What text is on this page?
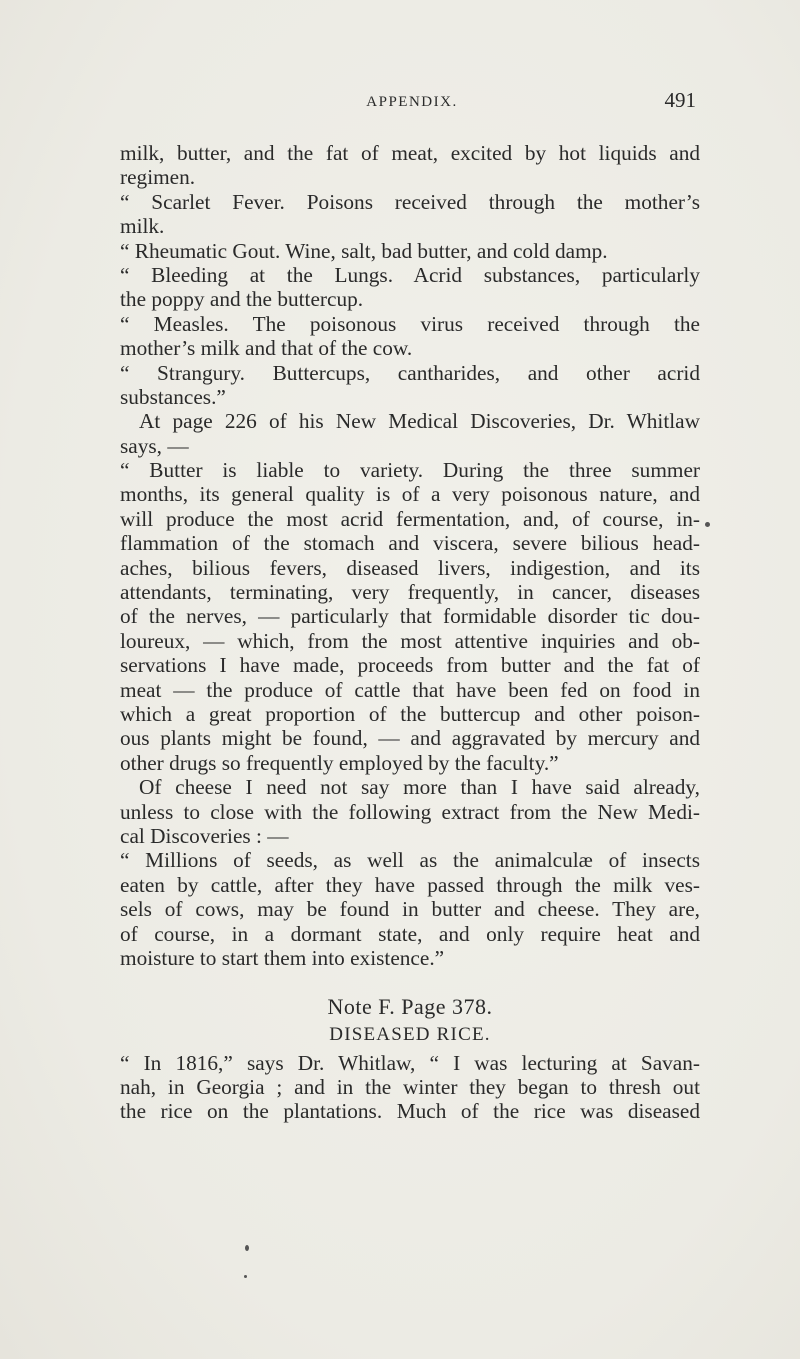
APPENDIX.	491
milk, butter, and the fat of meat, excited by hot liquids and
regimen.
“ Scarlet Fever. Poisons received through the mother’s
milk.
“ Rheumatic Gout. Wine, salt, bad butter, and cold damp.
“ Bleeding at the Lungs. Acrid substances, particularly
the poppy and the buttercup.
“ Measles. The poisonous virus received through the
mother’s milk and that of the cow.
“ Strangury. Buttercups, cantharides, and other acrid
substances.”
At page 226 of his New Medical Discoveries, Dr. Whitlaw
says, —
“ Butter is liable to variety. During the three summer
months, its general quality is of a very poisonous nature, and
will produce the most acrid fermentation, and, of course, in-
flammation of the stomach and viscera, severe bilious head-
aches, bilious fevers, diseased livers, indigestion, and its
attendants, terminating, very frequently, in cancer, diseases
of the nerves, — particularly that formidable disorder tic dou-
loureux, — which, from the most attentive inquiries and ob-
servations I have made, proceeds from butter and the fat of
meat — the produce of cattle that have been fed on food in
which a great proportion of the buttercup and other poison-
ous plants might be found, — and aggravated by mercury and
other drugs so frequently employed by the faculty.”
Of cheese I need not say more than I have said already,
unless to close with the following extract from the New Medi-
cal Discoveries : —
“ Millions of seeds, as well as the animalculæ of insects
eaten by cattle, after they have passed through the milk ves-
sels of cows, may be found in butter and cheese. They are,
of course, in a dormant state, and only require heat and
moisture to start them into existence.”
Note F. Page 378.
DISEASED RICE.
“ In 1816,” says Dr. Whitlaw, “ I was lecturing at Savan-
nah, in Georgia ; and in the winter they began to thresh out
the rice on the plantations. Much of the rice was diseased
